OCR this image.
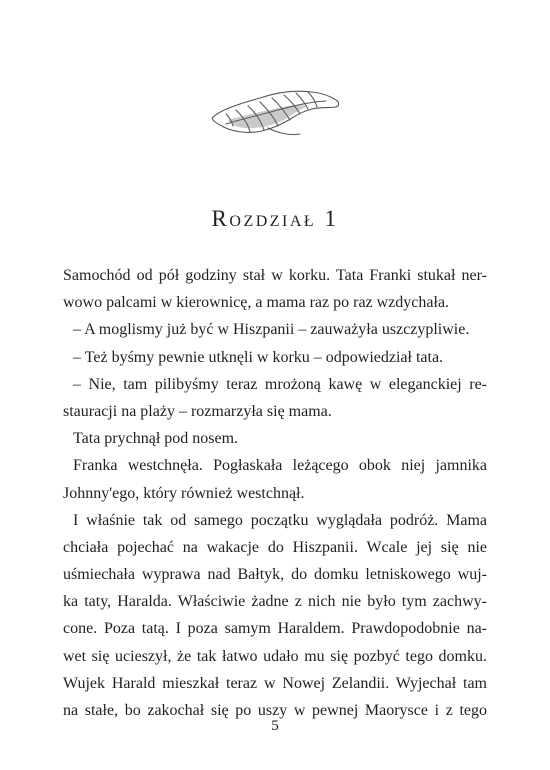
Rozdział 1
Samochód od pół godziny stał w korku. Tata Franki stukał ner-
wowo palcami w kierownicę, a mama raz po raz wzdychała.
– A moglismy już być w Hiszpanii – zauważyła uszczypliwie.
– Też byśmy pewnie utknęli w korku – odpowiedział tata.
– Nie, tam pilibyśmy teraz mrożoną kawę w eleganckiej re-
stauracji na plaży – rozmarzyła się mama.
Tata prychnął pod nosem.
Franka westchnęła. Pogłaskała leżącego obok niej jamnika
Johnny'ego, który również westchnął.
I właśnie tak od samego początku wyglądała podróż. Mama
chciała pojechać na wakacje do Hiszpanii. Wcale jej się nie
uśmiechała wyprawa nad Bałtyk, do domku letniskowego wuj-
ka taty, Haralda. Właściwie żadne z nich nie było tym zachwy-
cone. Poza tatą. I poza samym Haraldem. Prawdopodobnie na-
wet się ucieszył, że tak łatwo udało mu się pozbyć tego domku.
Wujek Harald mieszkał teraz w Nowej Zelandii. Wyjechał tam
na stałe, bo zakochał się po uszy w pewnej Maorysce i z tego
5
